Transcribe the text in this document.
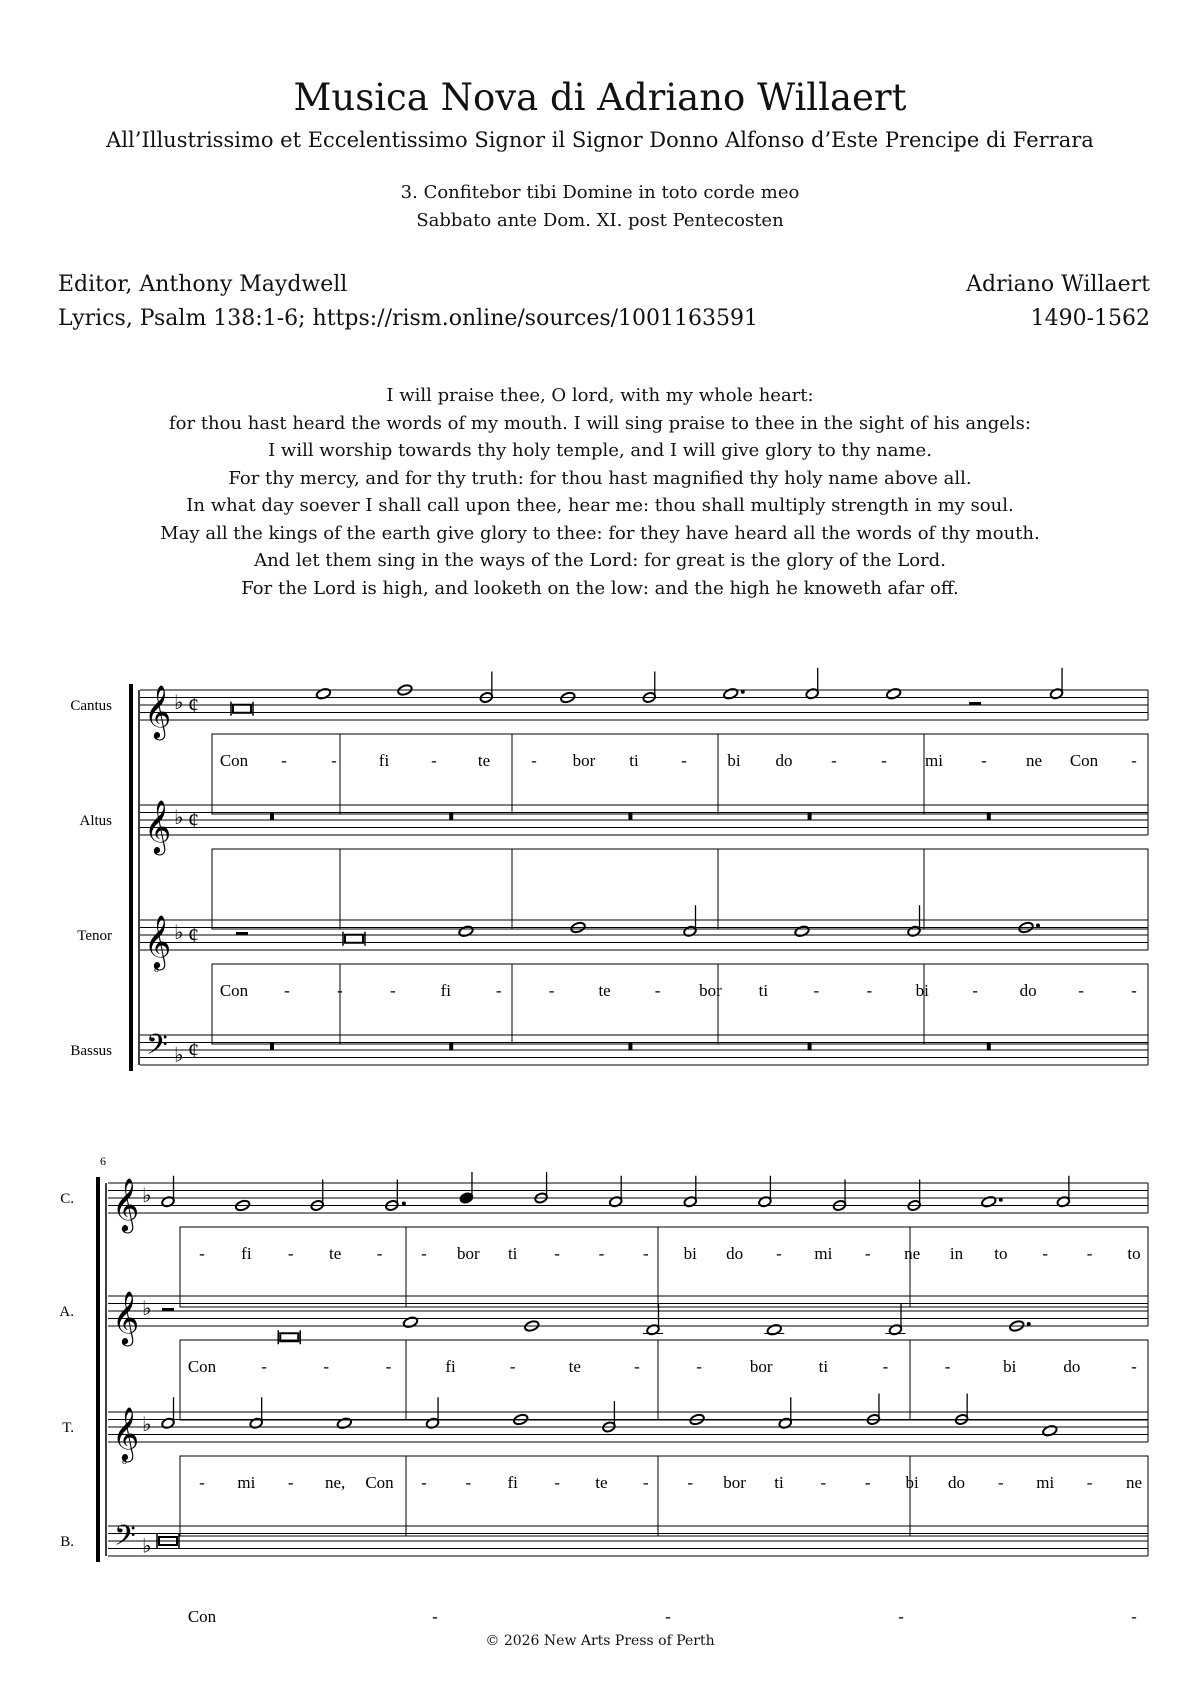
Musica Nova di Adriano Willaert
All’Illustrissimo et Eccelentissimo Signor il Signor Donno Alfonso d’Este Prencipe di Ferrara
3. Confitebor tibi Domine in toto corde meo
Sabbato ante Dom. XI. post Pentecosten
Editor, Anthony Maydwell
Lyrics, Psalm 138:1-6; https://rism.online/sources/1001163591
Adriano Willaert
1490-1562
I will praise thee, O lord, with my whole heart:
for thou hast heard the words of my mouth. I will sing praise to thee in the sight of his angels:
I will worship towards thy holy temple, and I will give glory to thy name.
For thy mercy, and for thy truth: for thou hast magnified thy holy name above all.
In what day soever I shall call upon thee, hear me: thou shall multiply strength in my soul.
May all the kings of the earth give glory to thee: for they have heard all the words of thy mouth.
And let them sing in the ways of the Lord: for great is the glory of the Lord.
For the Lord is high, and looketh on the low: and the high he knoweth afar off.
Cantus 𝄞 ♭ ¢
Con -	- fi - te - bor ti - bi do -	- mi - ne Con -
Altus 𝄞 ♭ ¢
Tenor 𝄞
8
♭ ¢
Con -	-	-	fi	-	-	te	- bor ti	-	-	bi	- do -	-
Bassus 𝄢 ♭ ¢
6
C. 𝄞 ♭
- fi - te - - bor ti - - - bi do - mi - ne in to - - to
A. 𝄞 ♭
Con	-	-	-	fi	-	te	-	-	bor	ti	-	-	bi	do	-
T. 𝄞
8
♭
- mi - ne, Con - - fi - te - - bor ti - - bi do - mi - ne
B. 𝄢 ♭
Con	-	-	-	-
© 2026 New Arts Press of Perth
